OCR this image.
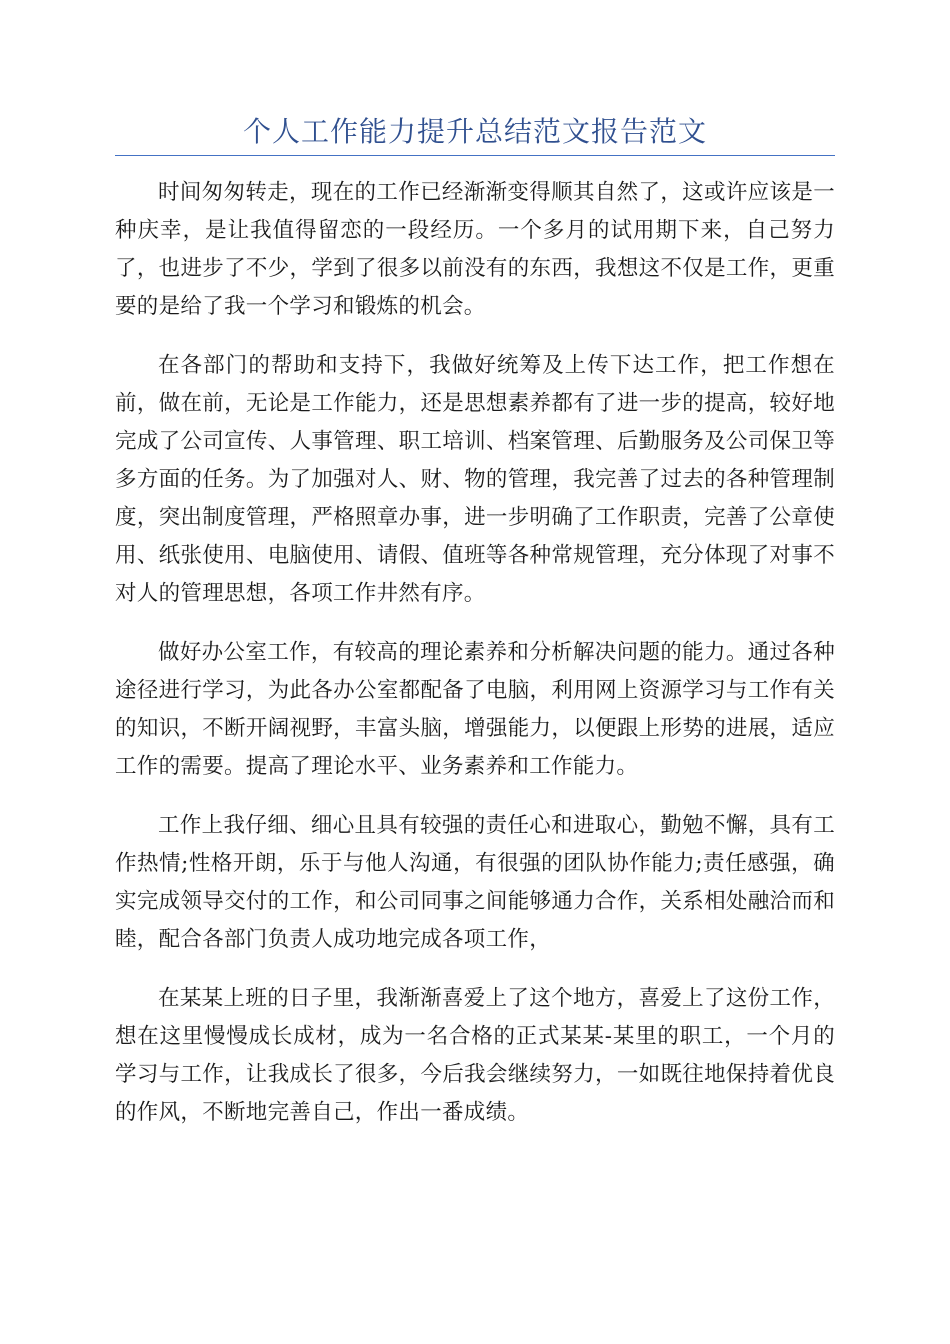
个人工作能力提升总结范文报告范文

时间匆匆转走，现在的工作已经渐渐变得顺其自然了，这或许应该是一种庆幸，是让我值得留恋的一段经历。一个多月的试用期下来，自己努力了，也进步了不少，学到了很多以前没有的东西，我想这不仅是工作，更重要的是给了我一个学习和锻炼的机会。

在各部门的帮助和支持下，我做好统筹及上传下达工作，把工作想在前，做在前，无论是工作能力，还是思想素养都有了进一步的提高，较好地完成了公司宣传、人事管理、职工培训、档案管理、后勤服务及公司保卫等多方面的任务。为了加强对人、财、物的管理，我完善了过去的各种管理制度，突出制度管理，严格照章办事，进一步明确了工作职责，完善了公章使用、纸张使用、电脑使用、请假、值班等各种常规管理，充分体现了对事不对人的管理思想，各项工作井然有序。

做好办公室工作，有较高的理论素养和分析解决问题的能力。通过各种途径进行学习，为此各办公室都配备了电脑，利用网上资源学习与工作有关的知识，不断开阔视野，丰富头脑，增强能力，以便跟上形势的进展，适应工作的需要。提高了理论水平、业务素养和工作能力。

工作上我仔细、细心且具有较强的责任心和进取心，勤勉不懈，具有工作热情;性格开朗，乐于与他人沟通，有很强的团队协作能力;责任感强，确实完成领导交付的工作，和公司同事之间能够通力合作，关系相处融洽而和睦，配合各部门负责人成功地完成各项工作，

在某某上班的日子里，我渐渐喜爱上了这个地方，喜爱上了这份工作，想在这里慢慢成长成材，成为一名合格的正式某某-某里的职工，一个月的学习与工作，让我成长了很多，今后我会继续努力，一如既往地保持着优良的作风，不断地完善自己，作出一番成绩。
